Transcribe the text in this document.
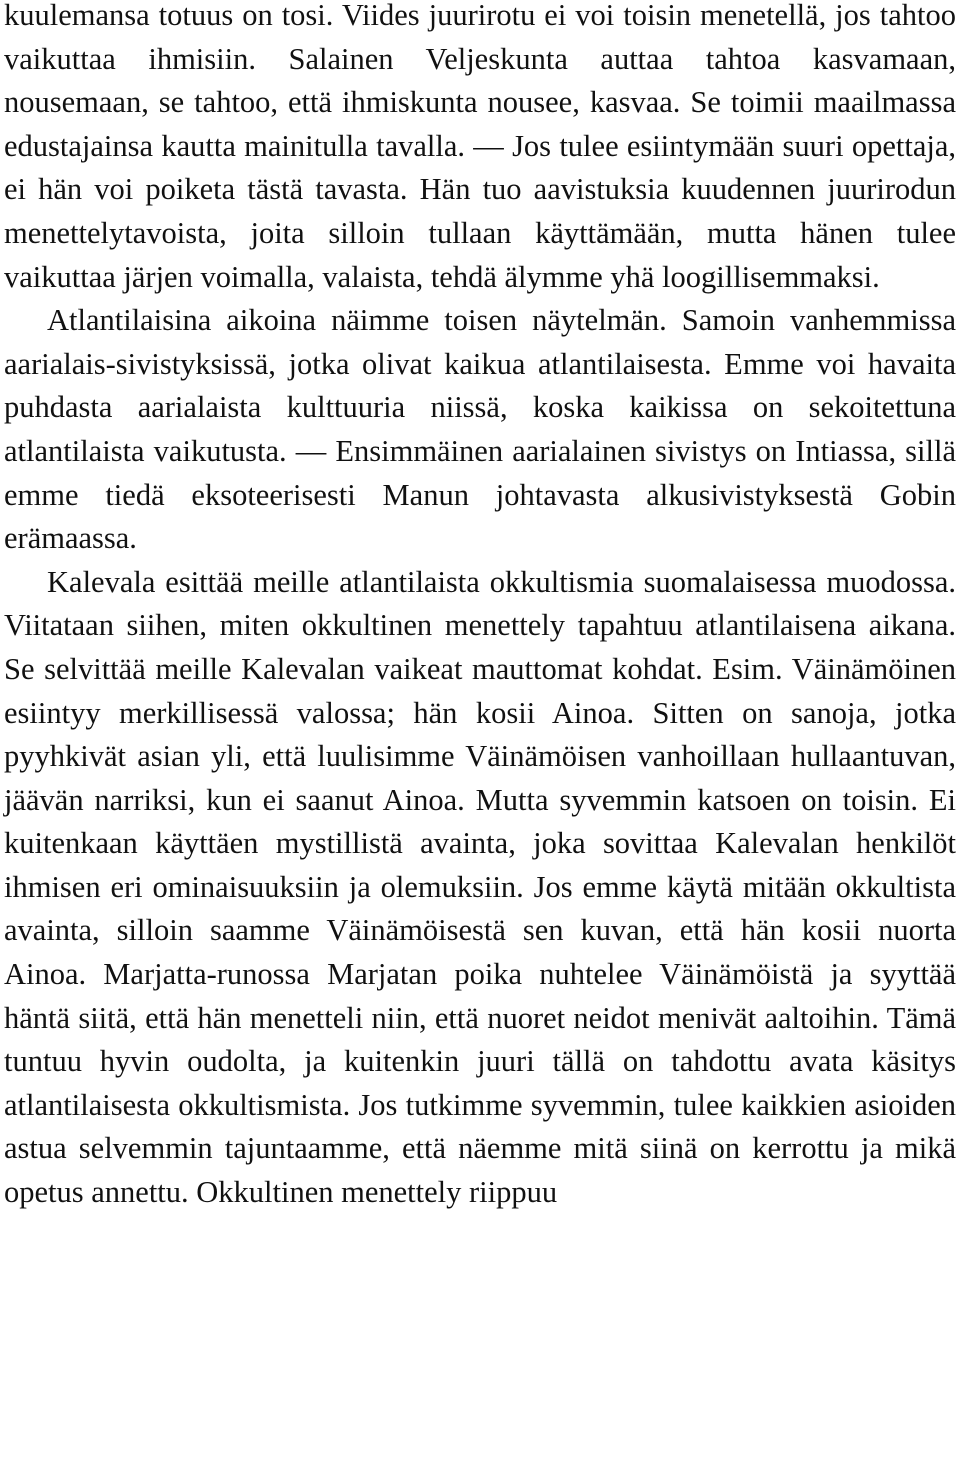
kuulemansa totuus on tosi. Viides juurirotu ei voi toisin menetellä, jos tahtoo vaikuttaa ihmisiin. Salainen Veljeskunta auttaa tahtoa kasvamaan, nousemaan, se tahtoo, että ihmiskunta nousee, kasvaa. Se toimii maailmassa edustajainsa kautta mainitulla tavalla. — Jos tulee esiintymään suuri opettaja, ei hän voi poiketa tästä tavasta. Hän tuo aavistuksia kuudennen juurirodun menettelytavoista, joita silloin tullaan käyttämään, mutta hänen tulee vaikuttaa järjen voimalla, valaista, tehdä älymme yhä loogillisemmaksi.

Atlantilaisina aikoina näimme toisen näytelmän. Samoin vanhemmissa aarialais-sivistyksissä, jotka olivat kaikua atlantilaisesta. Emme voi havaita puhdasta aarialaista kulttuuria niissä, koska kaikissa on sekoitettuna atlantilaista vaikutusta. — Ensimmäinen aarialainen sivistys on Intiassa, sillä emme tiedä eksoteerisesti Manun johtavasta alkusivistyksestä Gobin erämaassa.

Kalevala esittää meille atlantilaista okkultismia suomalaisessa muodossa. Viitataan siihen, miten okkultinen menettely tapahtuu atlantilaisena aikana. Se selvittää meille Kalevalan vaikeat mauttomat kohdat. Esim. Väinämöinen esiintyy merkillisessä valossa; hän kosii Ainoa. Sitten on sanoja, jotka pyyhkivät asian yli, että luulisimme Väinämöisen vanhoillaan hullaantuvan, jäävän narriksi, kun ei saanut Ainoa. Mutta syvemmin katsoen on toisin. Ei kuitenkaan käyttäen mystillistä avainta, joka sovittaa Kalevalan henkilöt ihmisen eri ominaisuuksiin ja olemuksiin. Jos emme käytä mitään okkultista avainta, silloin saamme Väinämöisestä sen kuvan, että hän kosii nuorta Ainoa. Marjatta-runossa Marjatan poika nuhtelee Väinämöistä ja syyttää häntä siitä, että hän menetteli niin, että nuoret neidot menivät aaltoihin. Tämä tuntuu hyvin oudolta, ja kuitenkin juuri tällä on tahdottu avata käsitys atlantilaisesta okkultismista. Jos tutkimme syvemmin, tulee kaikkien asioiden astua selvemmin tajuntaamme, että näemme mitä siinä on kerrottu ja mikä opetus annettu. Okkultinen menettely riippuu
